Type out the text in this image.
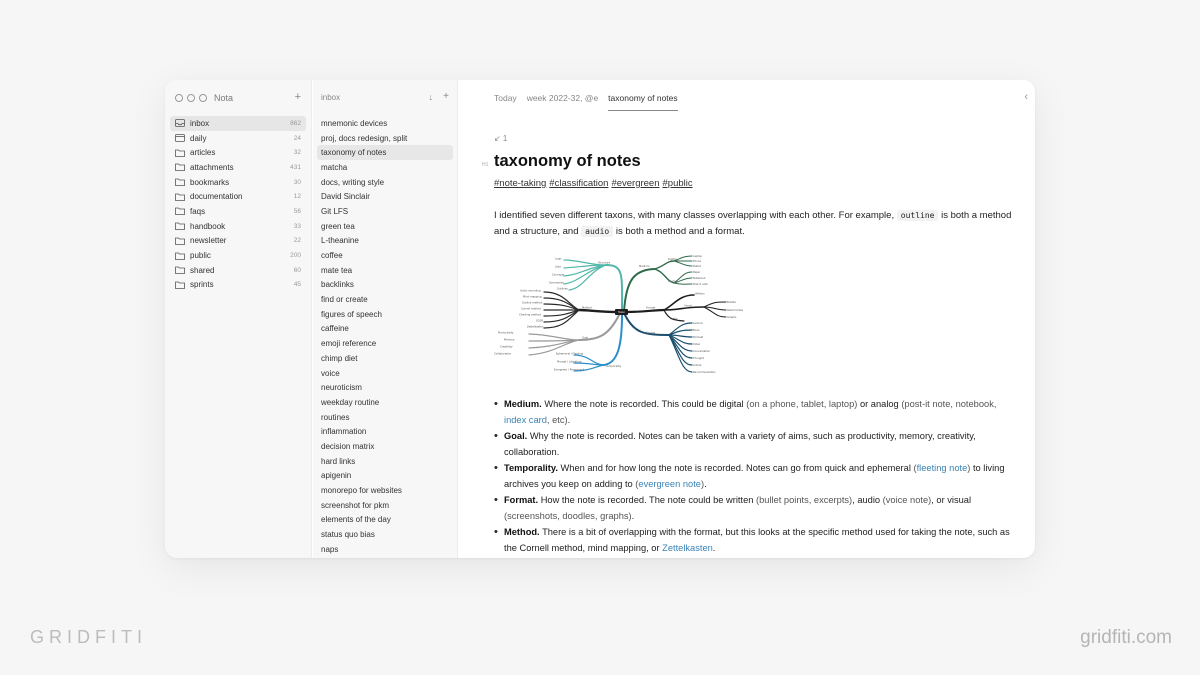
Nota	+
inbox	862
daily	24
articles	32
attachments	431
bookmarks	30
documentation	12
faqs	56
handbook	33
newsletter	22
public	200
shared	60
sprints	45
inbox	↓ +
mnemonic devices
proj, docs redesign, split
taxonomy of notes
matcha
docs, writing style
David Sinclair
Git LFS
green tea
L-theanine
coffee
mate tea
backlinks
find or create
figures of speech
caffeine
emoji reference
chimp diet
voice
neuroticism
weekday routine
routines
inflammation
decision matrix
hard links
apigenin
monorepo for websites
screenshot for pkm
elements of the day
status quo bias
naps
Today week 2022-32, @e taxonomy of notes	‹
↙ 1
H1 taxonomy of notes
#note-taking #classification #evergreen #public
I identified seven different taxons, with many classes overlapping with each other. For example, outline is both a method and a structure, and audio is both a method and a format.
Taxon
Structure
Medium
Digital
Analog
Format
Method
Goal
Temporality
Source
Written
Visual
Audio
Logic
Lists
Concepts
Summaries
Outlines
Audio recording
Mind mapping
Outline method
Cornell method
Charting method
SQ3R
Zettelkasten
Productivity
Memory
Creativity
Collaboration	Ephemeral / Fleeting
Prompt / Literature
Evergreen / Permanent
Laptop
Phone
Tablet
Paper
Notebook
Post-it note
Bullets
Sketchnotes
Graphs
Lecture
Book
Podcast
Video
Conversation
Thought
Article
Recommendation
• Medium. Where the note is recorded. This could be digital (on a phone, tablet, laptop) or analog (post-it note, notebook, index card, etc).
• Goal. Why the note is recorded. Notes can be taken with a variety of aims, such as productivity, memory, creativity, collaboration.
• Temporality. When and for how long the note is recorded. Notes can go from quick and ephemeral (fleeting note) to living archives you keep on adding to (evergreen note).
• Format. How the note is recorded. The note could be written (bullet points, excerpts), audio (voice note), or visual (screenshots, doodles, graphs).
• Method. There is a bit of overlapping with the format, but this looks at the specific method used for taking the note, such as the Cornell method, mind mapping, or Zettelkasten.
GRIDFITI	gridfiti.com
